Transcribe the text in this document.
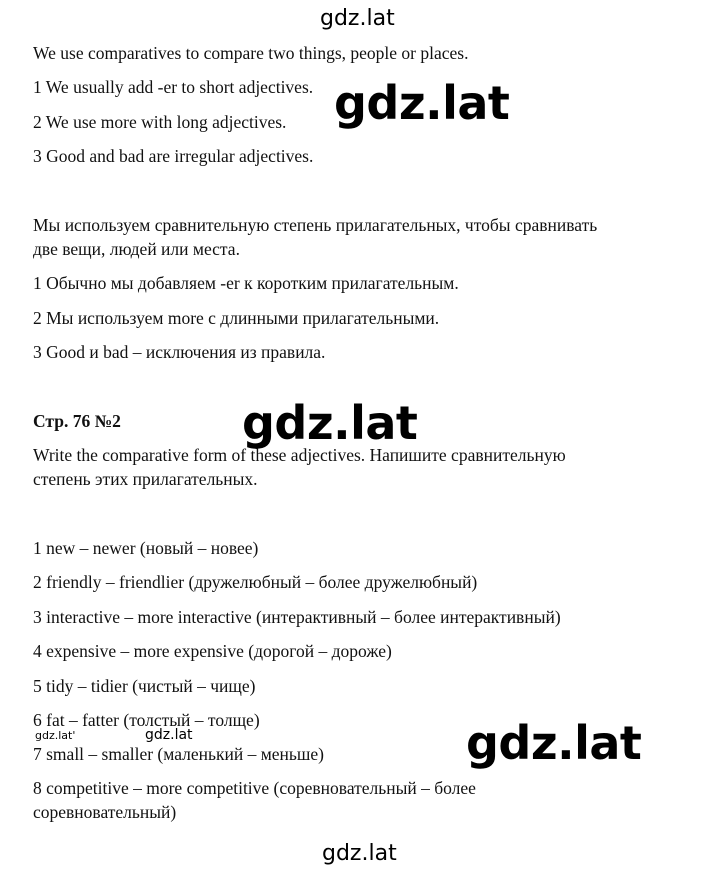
gdz.lat
We use comparatives to compare two things, people or places.
1 We usually add -er to short adjectives.
2 We use more with long adjectives.
3 Good and bad are irregular adjectives.
gdz.lat
Мы используем сравнительную степень прилагательных, чтобы сравнивать
две вещи, людей или места.
1 Обычно мы добавляем -er к коротким прилагательным.
2 Мы используем more с длинными прилагательными.
3 Good и bad – исключения из правила.
Стр. 76 №2	gdz.lat
Write the comparative form of these adjectives. Напишите сравнительную
степень этих прилагательных.
1 new – newer (новый – новее)
2 friendly – friendlier (дружелюбный – более дружелюбный)
3 interactive – more interactive (интерактивный – более интерактивный)
4 expensive – more expensive (дорогой – дороже)
5 tidy – tidier (чистый – чище)
6 fat – fatter (толстый – толще)
gdz.lat'	gdz.lat
7 small – smaller (маленький – меньше)	gdz.lat
8 competitive – more competitive (соревновательный – более
соревновательный)
gdz.lat
